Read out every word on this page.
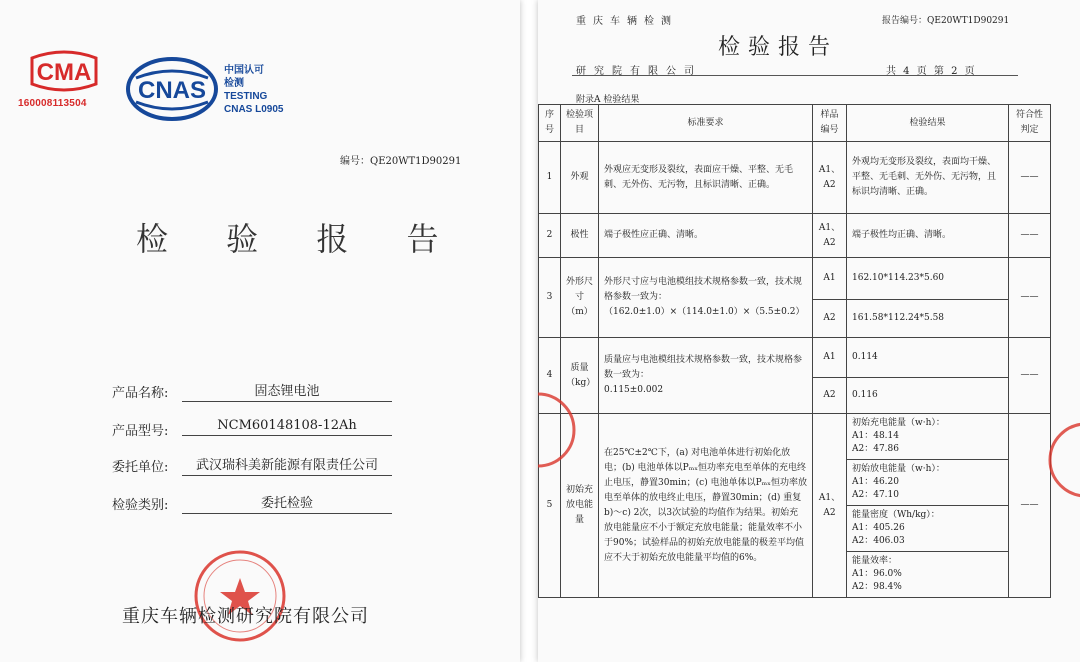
CMA
160008113504 CNAS
中国认可
检测
TESTING
CNAS L0905
编号：QE20WT1D90291
检 验 报 告
产品名称:	固态锂电池
产品型号:	NCM60148108-12Ah
委托单位:	武汉瑞科美新能源有限责任公司
检验类别:	委托检验
重庆车辆检测研究院有限公司
重庆车辆检测	报告编号：QE20WT1D90291
检验报告
研究院有限公司	共 4 页 第 2 页
附录A 检验结果
序号	检验项目	标准要求	样品编号	检验结果	符合性判定
1	外观	外观应无变形及裂纹，表面应干燥、平整、无毛刺、无外伤、无污物，且标识清晰、正确。	A1、A2	外观均无变形及裂纹，表面均干燥、平整、无毛刺、无外伤、无污物，且标识均清晰、正确。	——
2	极性	端子极性应正确、清晰。	A1、A2	端子极性均正确、清晰。	——
3	外形尺寸（m）	外形尺寸应与电池模组技术规格参数一致，技术规格参数一致为：
（162.0±1.0）×（114.0±1.0）×（5.5±0.2）	A1	162.10*114.23*5.60	——
			A2	161.58*112.24*5.58	
4	质量（kg）	质量应与电池模组技术规格参数一致，技术规格参数一致为：
0.115±0.002	A1	0.114	——
			A2	0.116	
5	初始充放电能量	在25℃±2℃下，(a) 对电池单体进行初始化放电；(b) 电池单体以Pₘₓ恒功率充电至单体的充电终止电压，静置30min；(c) 电池单体以Pₘₓ恒功率放电至单体的放电终止电压，静置30min；(d) 重复b)～c) 2次，以3次试验的均值作为结果。初始充放电能量应不小于额定充放电能量；能量效率不小于90%；试验样品的初始充放电能量的极差平均值应不大于初始充放电能量平均值的6%。	A1、A2	初始充电能量（w·h）：
A1：48.14
A2：47.86	——

				初始放电能量（w·h）：
A1：46.20
A2：47.10	

				能量密度（Wh/kg）：
A1：405.26
A2：406.03	

				能量效率：
A1：96.0%
A2：98.4%	
